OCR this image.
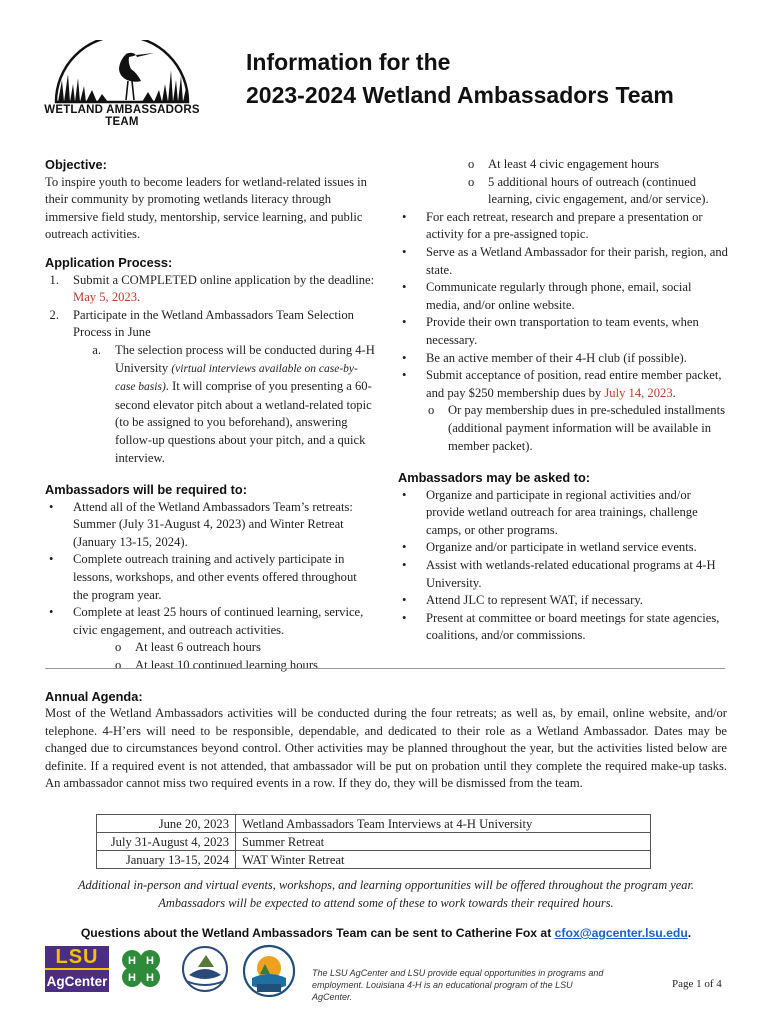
WETLAND AMBASSADORS TEAM
Information for the
2023-2024 Wetland Ambassadors Team

Objective:

To inspire youth to become leaders for wetland-related issues in their community by promoting wetlands literacy through immersive field study, mentorship, service learning, and public outreach activities.

Application Process:

1. Submit a COMPLETED online application by the deadline: May 5, 2023.
2. Participate in the Wetland Ambassadors Team Selection Process in June
a. The selection process will be conducted during 4-H University (virtual interviews available on case-by-case basis). It will comprise of you presenting a 60-second elevator pitch about a wetland-related topic (to be assigned to you beforehand), answering follow-up questions about your pitch, and a quick interview.

Ambassadors will be required to:

• Attend all of the Wetland Ambassadors Team’s retreats: Summer (July 31-August 4, 2023) and Winter Retreat (January 13-15, 2024).
• Complete outreach training and actively participate in lessons, workshops, and other events offered throughout the program year.
• Complete at least 25 hours of continued learning, service, civic engagement, and outreach activities.
o At least 6 outreach hours
o At least 10 continued learning hours
o At least 4 civic engagement hours
o 5 additional hours of outreach (continued learning, civic engagement, and/or service).
• For each retreat, research and prepare a presentation or activity for a pre-assigned topic.
• Serve as a Wetland Ambassador for their parish, region, and state.
• Communicate regularly through phone, email, social media, and/or online website.
• Provide their own transportation to team events, when necessary.
• Be an active member of their 4-H club (if possible).
• Submit acceptance of position, read entire member packet, and pay $250 membership dues by July 14, 2023.
o Or pay membership dues in pre-scheduled installments (additional payment information will be available in member packet).

Ambassadors may be asked to:

• Organize and participate in regional activities and/or provide wetland outreach for area trainings, challenge camps, or other programs.
• Organize and/or participate in wetland service events.
• Assist with wetlands-related educational programs at 4-H University.
• Attend JLC to represent WAT, if necessary.
• Present at committee or board meetings for state agencies, coalitions, and/or commissions.

Annual Agenda:

Most of the Wetland Ambassadors activities will be conducted during the four retreats; as well as, by email, online website, and/or telephone. 4-H’ers will need to be responsible, dependable, and dedicated to their role as a Wetland Ambassador. Dates may be changed due to circumstances beyond control. Other activities may be planned throughout the year, but the activities listed below are definite. If a required event is not attended, that ambassador will be put on probation until they complete the required make-up tasks. An ambassador cannot miss two required events in a row. If they do, they will be dismissed from the team.

June 20, 2023	Wetland Ambassadors Team Interviews at 4-H University
July 31-August 4, 2023	Summer Retreat
January 13-15, 2024	WAT Winter Retreat
Additional in-person and virtual events, workshops, and learning opportunities will be offered throughout the program year. Ambassadors will be expected to attend some of these to work towards their required hours.
Questions about the Wetland Ambassadors Team can be sent to Catherine Fox at cfox@agcenter.lsu.edu.
LSU
AgCenter
H H
H H	The LSU AgCenter and LSU provide equal opportunities in programs and employment. Louisiana 4-H is an educational program of the LSU AgCenter.
Page 1 of 4
